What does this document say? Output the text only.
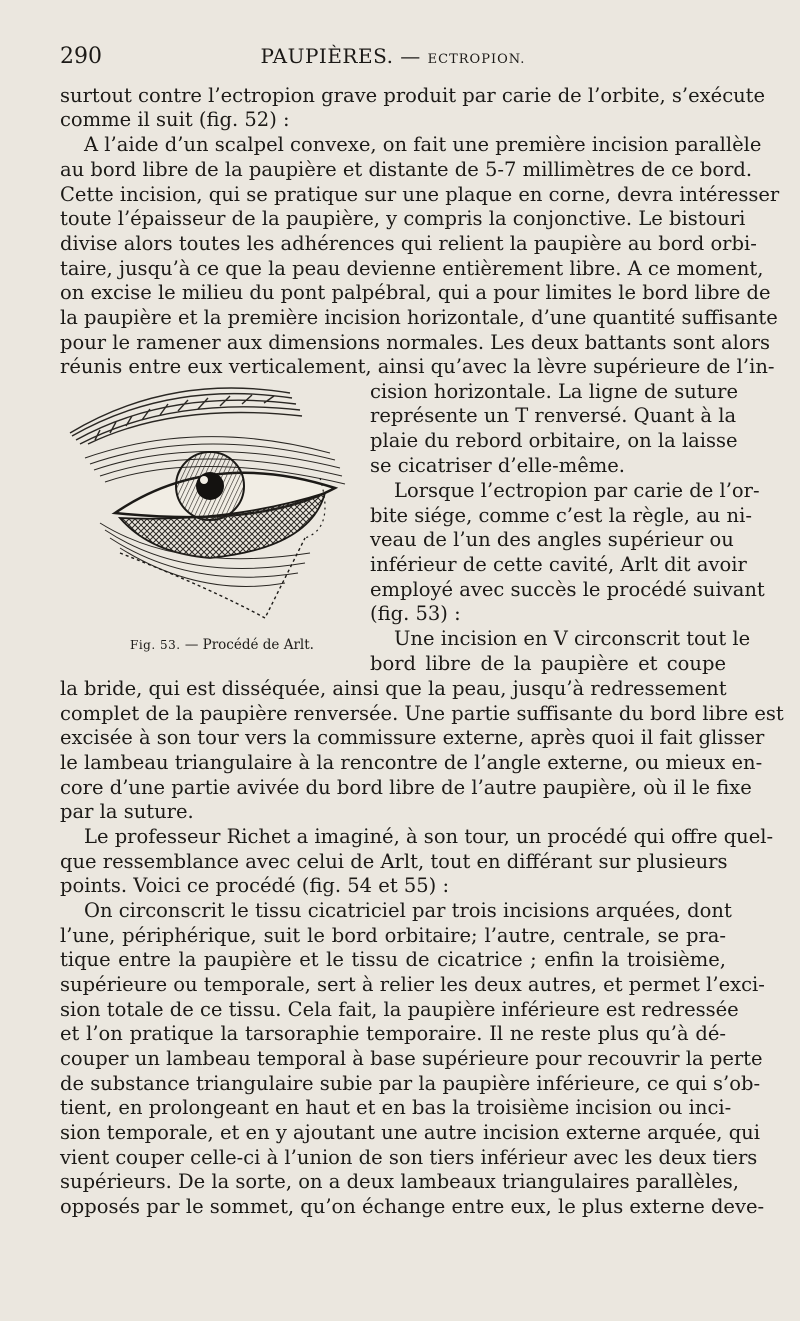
290	PAUPIÈRES. — ECTROPION.
surtout contre l’ectropion grave produit par carie de l’orbite, s’exécute
comme il suit (fig. 52) :
A l’aide d’un scalpel convexe, on fait une première incision parallèle
au bord libre de la paupière et distante de 5-7 millimètres de ce bord.
Cette incision, qui se pratique sur une plaque en corne, devra intéresser
toute l’épaisseur de la paupière, y compris la conjonctive. Le bistouri
divise alors toutes les adhérences qui relient la paupière au bord orbi-
taire, jusqu’à ce que la peau devienne entièrement libre. A ce moment,
on excise le milieu du pont palpébral, qui a pour limites le bord libre de
la paupière et la première incision horizontale, d’une quantité suffisante
pour le ramener aux dimensions normales. Les deux battants sont alors
réunis entre eux verticalement, ainsi qu’avec la lèvre supérieure de l’in-
Fig. 53. — Procédé de Arlt.
cision horizontale. La ligne de suture
représente un T renversé. Quant à la
plaie du rebord orbitaire, on la laisse
se cicatriser d’elle-même.
Lorsque l’ectropion par carie de l’or-
bite siége, comme c’est la règle, au ni-
veau de l’un des angles supérieur ou
inférieur de cette cavité, Arlt dit avoir
employé avec succès le procédé suivant
(fig. 53) :
Une incision en V circonscrit tout le
bord libre de la paupière et coupe
la bride, qui est disséquée, ainsi que la peau, jusqu’à redressement
complet de la paupière renversée. Une partie suffisante du bord libre est
excisée à son tour vers la commissure externe, après quoi il fait glisser
le lambeau triangulaire à la rencontre de l’angle externe, ou mieux en-
core d’une partie avivée du bord libre de l’autre paupière, où il le fixe
par la suture.
Le professeur Richet a imaginé, à son tour, un procédé qui offre quel-
que ressemblance avec celui de Arlt, tout en différant sur plusieurs
points. Voici ce procédé (fig. 54 et 55) :
On circonscrit le tissu cicatriciel par trois incisions arquées, dont
l’une, périphérique, suit le bord orbitaire; l’autre, centrale, se pra-
tique entre la paupière et le tissu de cicatrice ; enfin la troisième,
supérieure ou temporale, sert à relier les deux autres, et permet l’exci-
sion totale de ce tissu. Cela fait, la paupière inférieure est redressée
et l’on pratique la tarsoraphie temporaire. Il ne reste plus qu’à dé-
couper un lambeau temporal à base supérieure pour recouvrir la perte
de substance triangulaire subie par la paupière inférieure, ce qui s’ob-
tient, en prolongeant en haut et en bas la troisième incision ou inci-
sion temporale, et en y ajoutant une autre incision externe arquée, qui
vient couper celle-ci à l’union de son tiers inférieur avec les deux tiers
supérieurs. De la sorte, on a deux lambeaux triangulaires parallèles,
opposés par le sommet, qu’on échange entre eux, le plus externe deve-
